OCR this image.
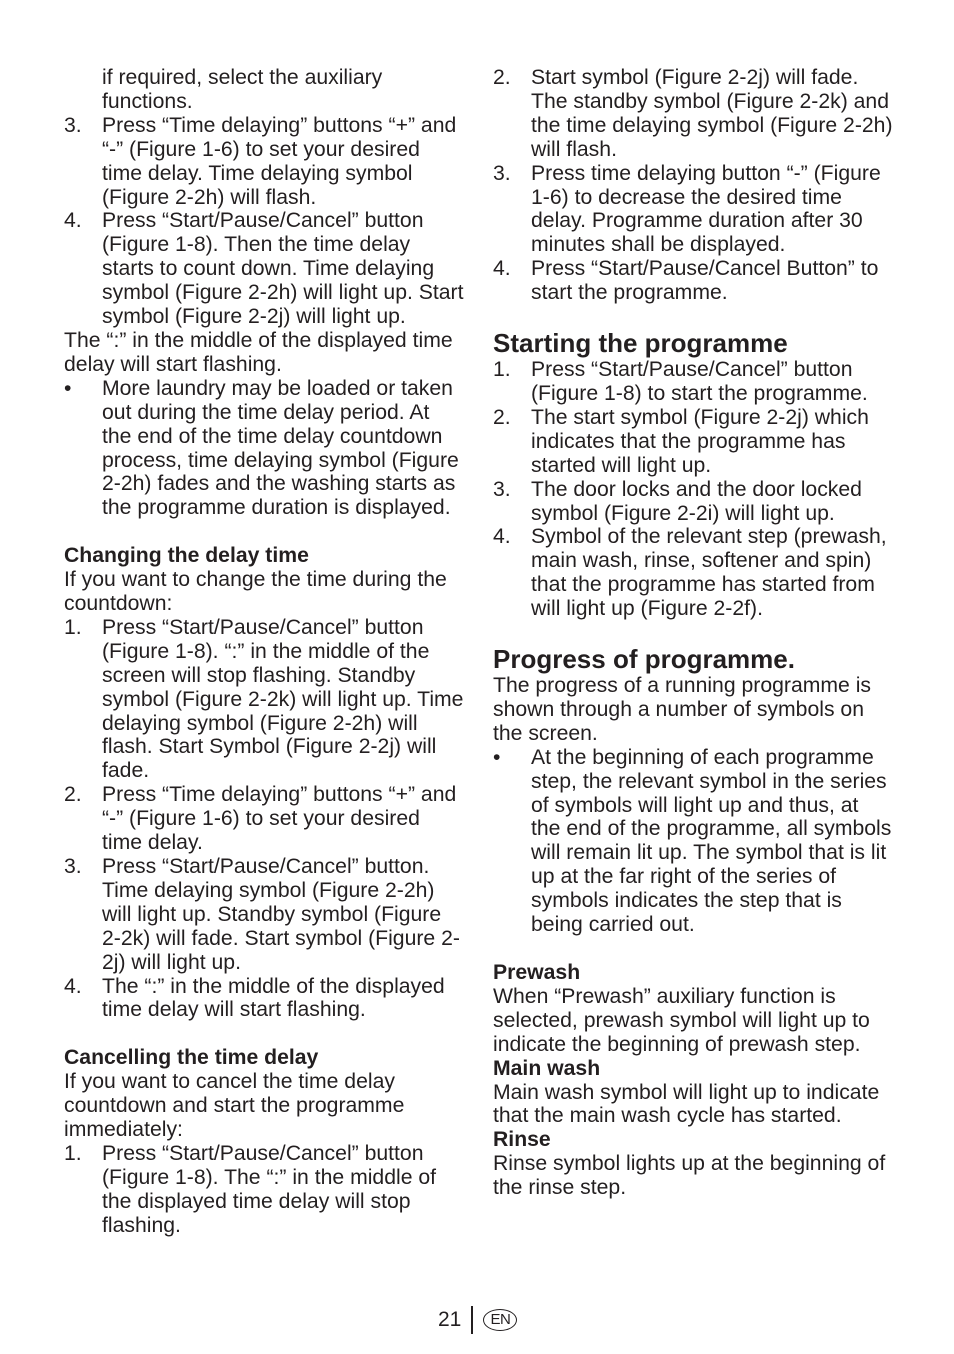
if required, select the auxiliary functions.

3. Press “Time delaying” buttons “+” and “-” (Figure 1-6) to set your desired time delay. Time delaying symbol (Figure 2-2h) will flash.
4. Press “Start/Pause/Cancel” button (Figure 1-8). Then the time delay starts to count down. Time delaying symbol (Figure 2-2h) will light up. Start symbol (Figure 2-2j) will light up.

The “:” in the middle of the displayed time delay will start flashing.

• More laundry may be loaded or taken out during the time delay period. At the end of the time delay countdown process, time delaying symbol (Figure 2-2h) fades and the washing starts as the programme duration is displayed.

Changing the delay time

If you want to change the time during the countdown:

1. Press “Start/Pause/Cancel” button (Figure 1-8). “:” in the middle of the screen will stop flashing. Standby symbol (Figure 2-2k) will light up. Time delaying symbol (Figure 2-2h) will flash. Start Symbol (Figure 2-2j) will fade.
2. Press “Time delaying” buttons “+” and “-” (Figure 1-6) to set your desired time delay.
3. Press “Start/Pause/Cancel” button. Time delaying symbol (Figure 2-2h) will light up. Standby symbol (Figure 2-2k) will fade. Start symbol (Figure 2-2j) will light up.
4. The “:” in the middle of the displayed time delay will start flashing.

Cancelling the time delay

If you want to cancel the time delay countdown and start the programme immediately:

1. Press “Start/Pause/Cancel” button (Figure 1-8). The “:” in the middle of the displayed time delay will stop flashing.
2. Start symbol (Figure 2-2j) will fade. The standby symbol (Figure 2-2k) and the time delaying symbol (Figure 2-2h) will flash.
3. Press time delaying button “-” (Figure 1-6) to decrease the desired time delay. Programme duration after 30 minutes shall be displayed.
4. Press “Start/Pause/Cancel Button” to start the programme.

Starting the programme

1. Press “Start/Pause/Cancel” button (Figure 1-8) to start the programme.
2. The start symbol (Figure 2-2j) which indicates that the programme has started will light up.
3. The door locks and the door locked symbol (Figure 2-2i) will light up.
4. Symbol of the relevant step (prewash, main wash, rinse, softener and spin) that the programme has started from will light up (Figure 2-2f).

Progress of programme.

The progress of a running programme is shown through a number of symbols on the screen.

• At the beginning of each programme step, the relevant symbol in the series of symbols will light up and thus, at the end of the programme, all symbols will remain lit up. The symbol that is lit up at the far right of the series of symbols indicates the step that is being carried out.

Prewash

When “Prewash” auxiliary function is selected, prewash symbol will light up to indicate the beginning of prewash step.

Main wash

Main wash symbol will light up to indicate that the main wash cycle has started.

Rinse

Rinse symbol lights up at the beginning of the rinse step.

21	EN
